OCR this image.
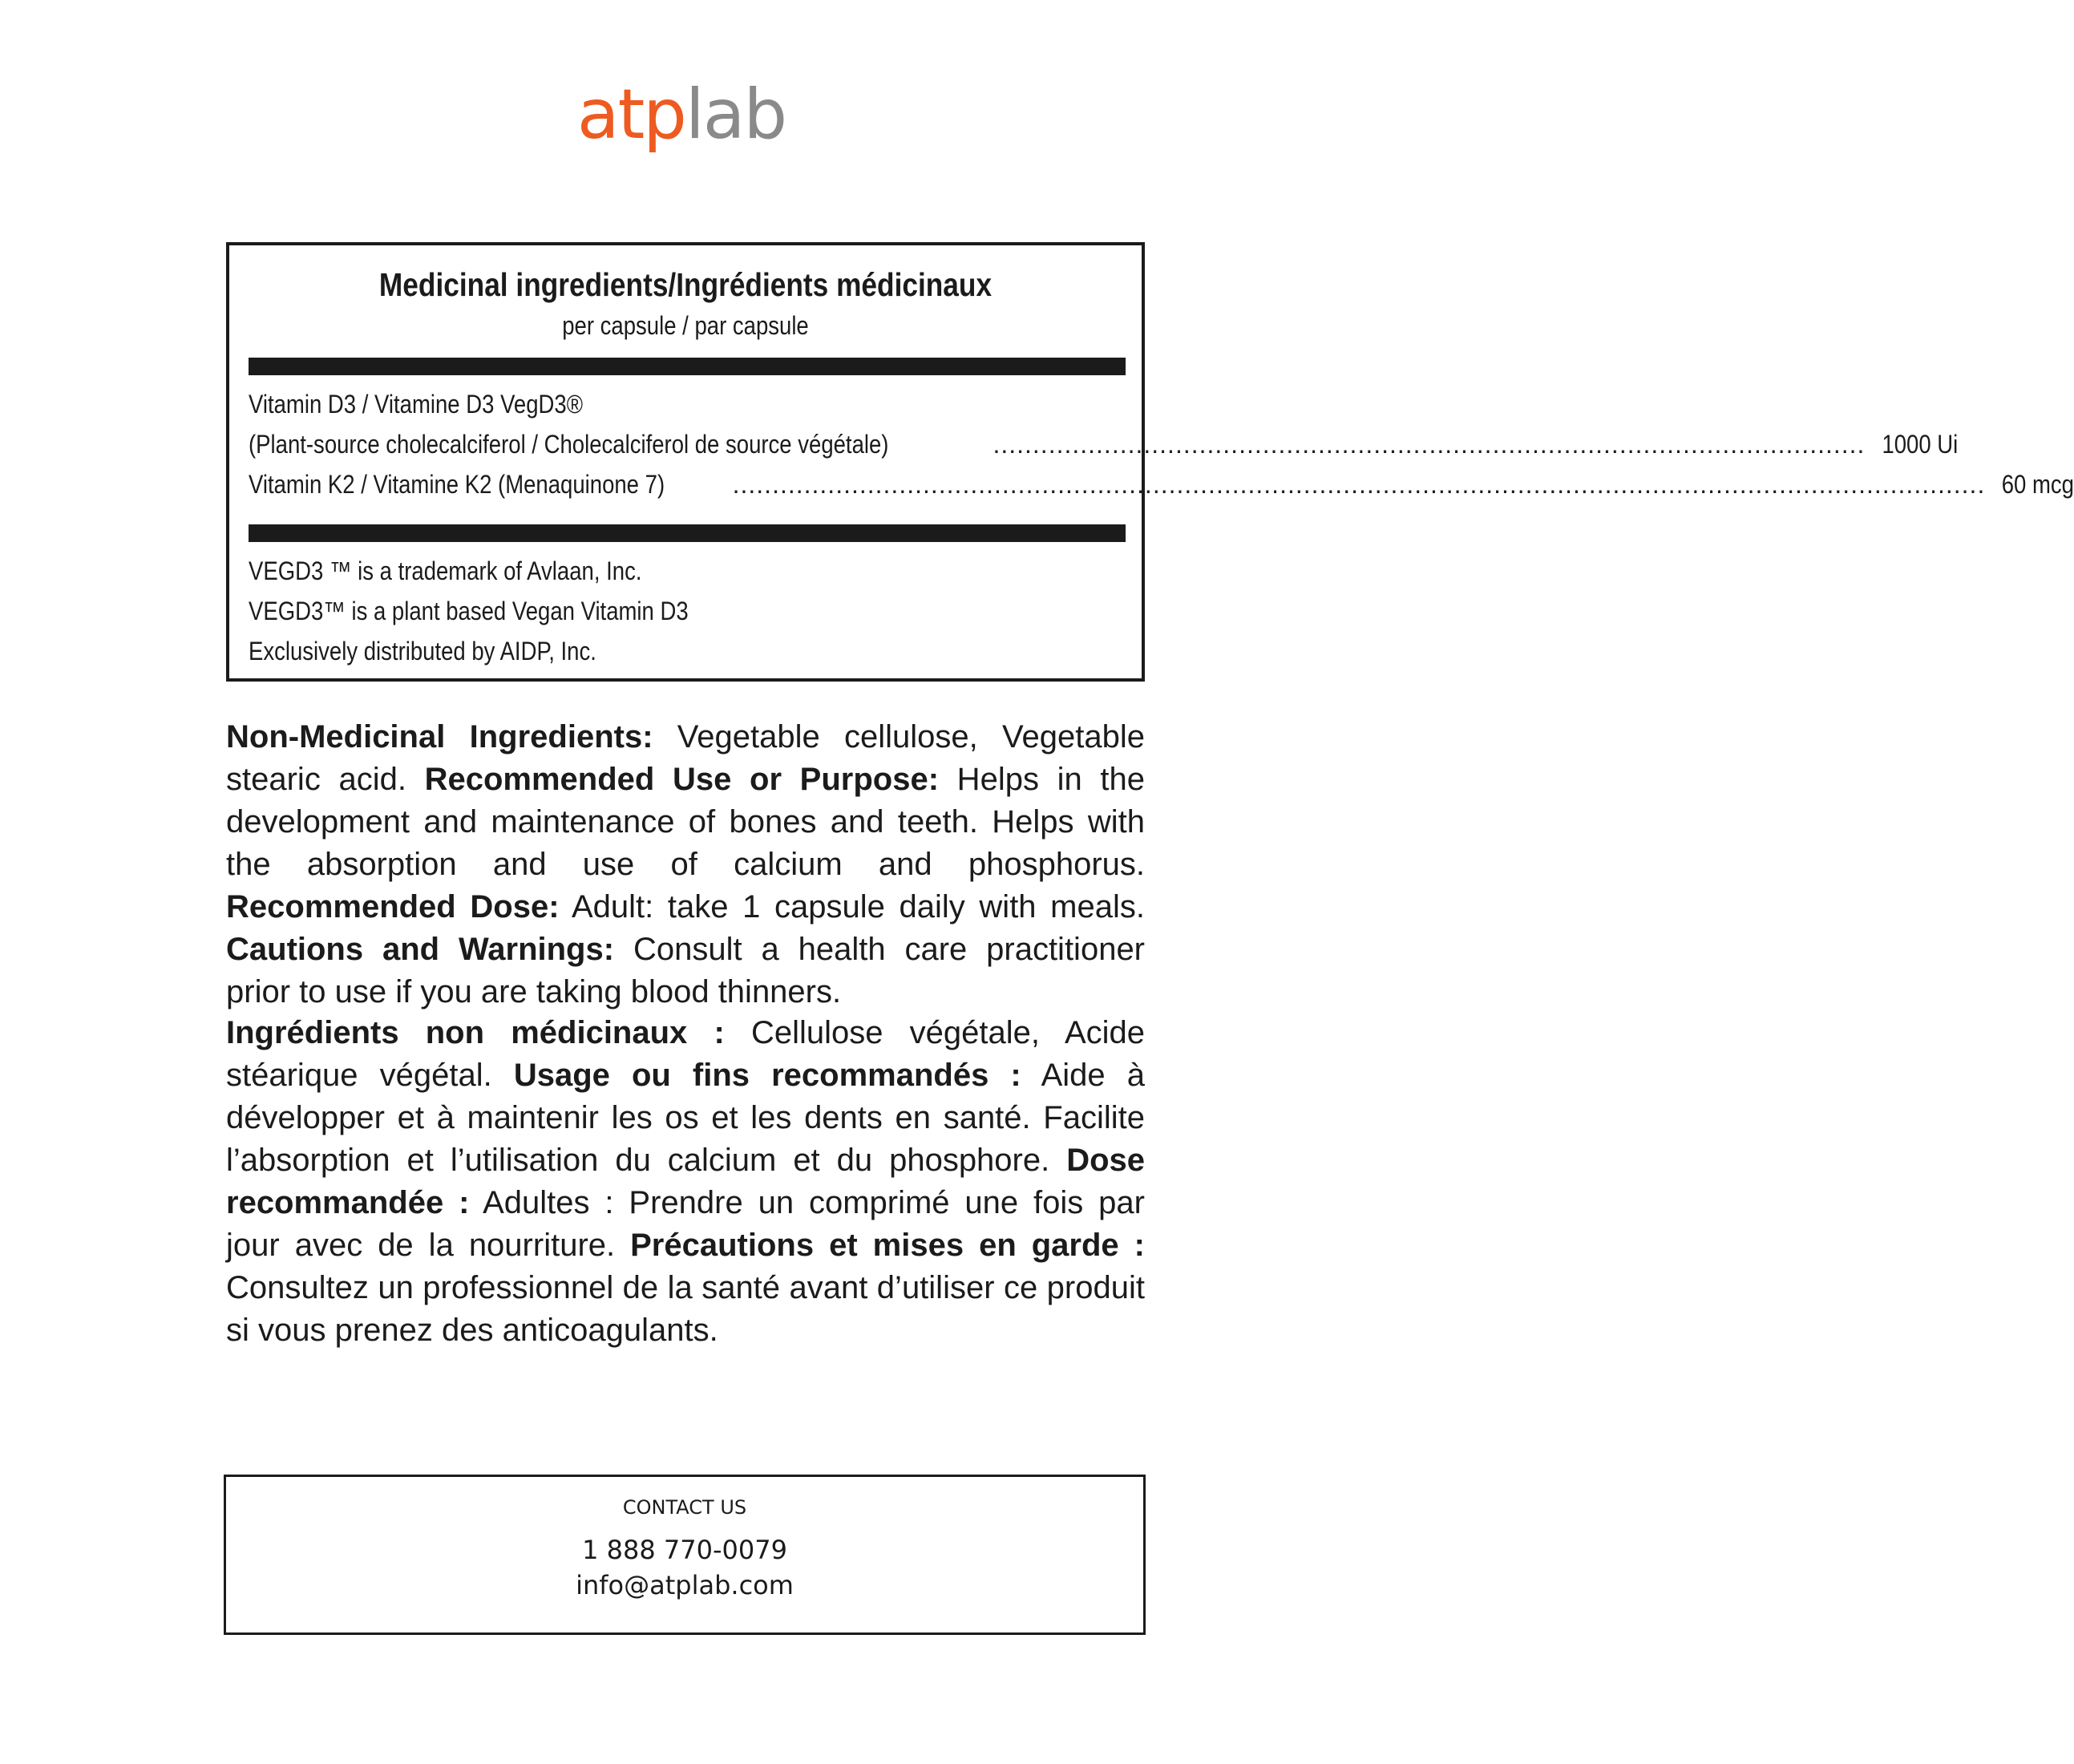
atplab
Medicinal ingredients/Ingrédients médicinaux
per capsule / par capsule
Vitamin D3 / Vitamine D3 VegD3®
(Plant-source cholecalciferol / Cholecalciferol de source végétale)	.............................................................................................................. 1000 Ui
Vitamin K2 / Vitamine K2 (Menaquinone 7)	.............................................................................................................................................................. 60 mcg
VEGD3 ™ is a trademark of Avlaan, Inc.
VEGD3™ is a plant based Vegan Vitamin D3
Exclusively distributed by AIDP, Inc.
Non-Medicinal Ingredients: Vegetable cellulose, Vegetable stearic acid. Recommended Use or Purpose: Helps in the development and maintenance of bones and teeth. Helps with the absorption and use of calcium and phosphorus. Recommended Dose: Adult: take 1 capsule daily with meals. Cautions and Warnings: Consult a health care practitioner prior to use if you are taking blood thinners.
Ingrédients non médicinaux : Cellulose végétale, Acide stéarique végétal. Usage ou fins recommandés : Aide à développer et à maintenir les os et les dents en santé. Facilite l’absorption et l’utilisation du calcium et du phosphore. Dose recommandée : Adultes : Prendre un comprimé une fois par jour avec de la nourriture. Précautions et mises en garde : Consultez un professionnel de la santé avant d’utiliser ce produit si vous prenez des anticoagulants.
CONTACT US
1 888 770-0079
info@atplab.com
